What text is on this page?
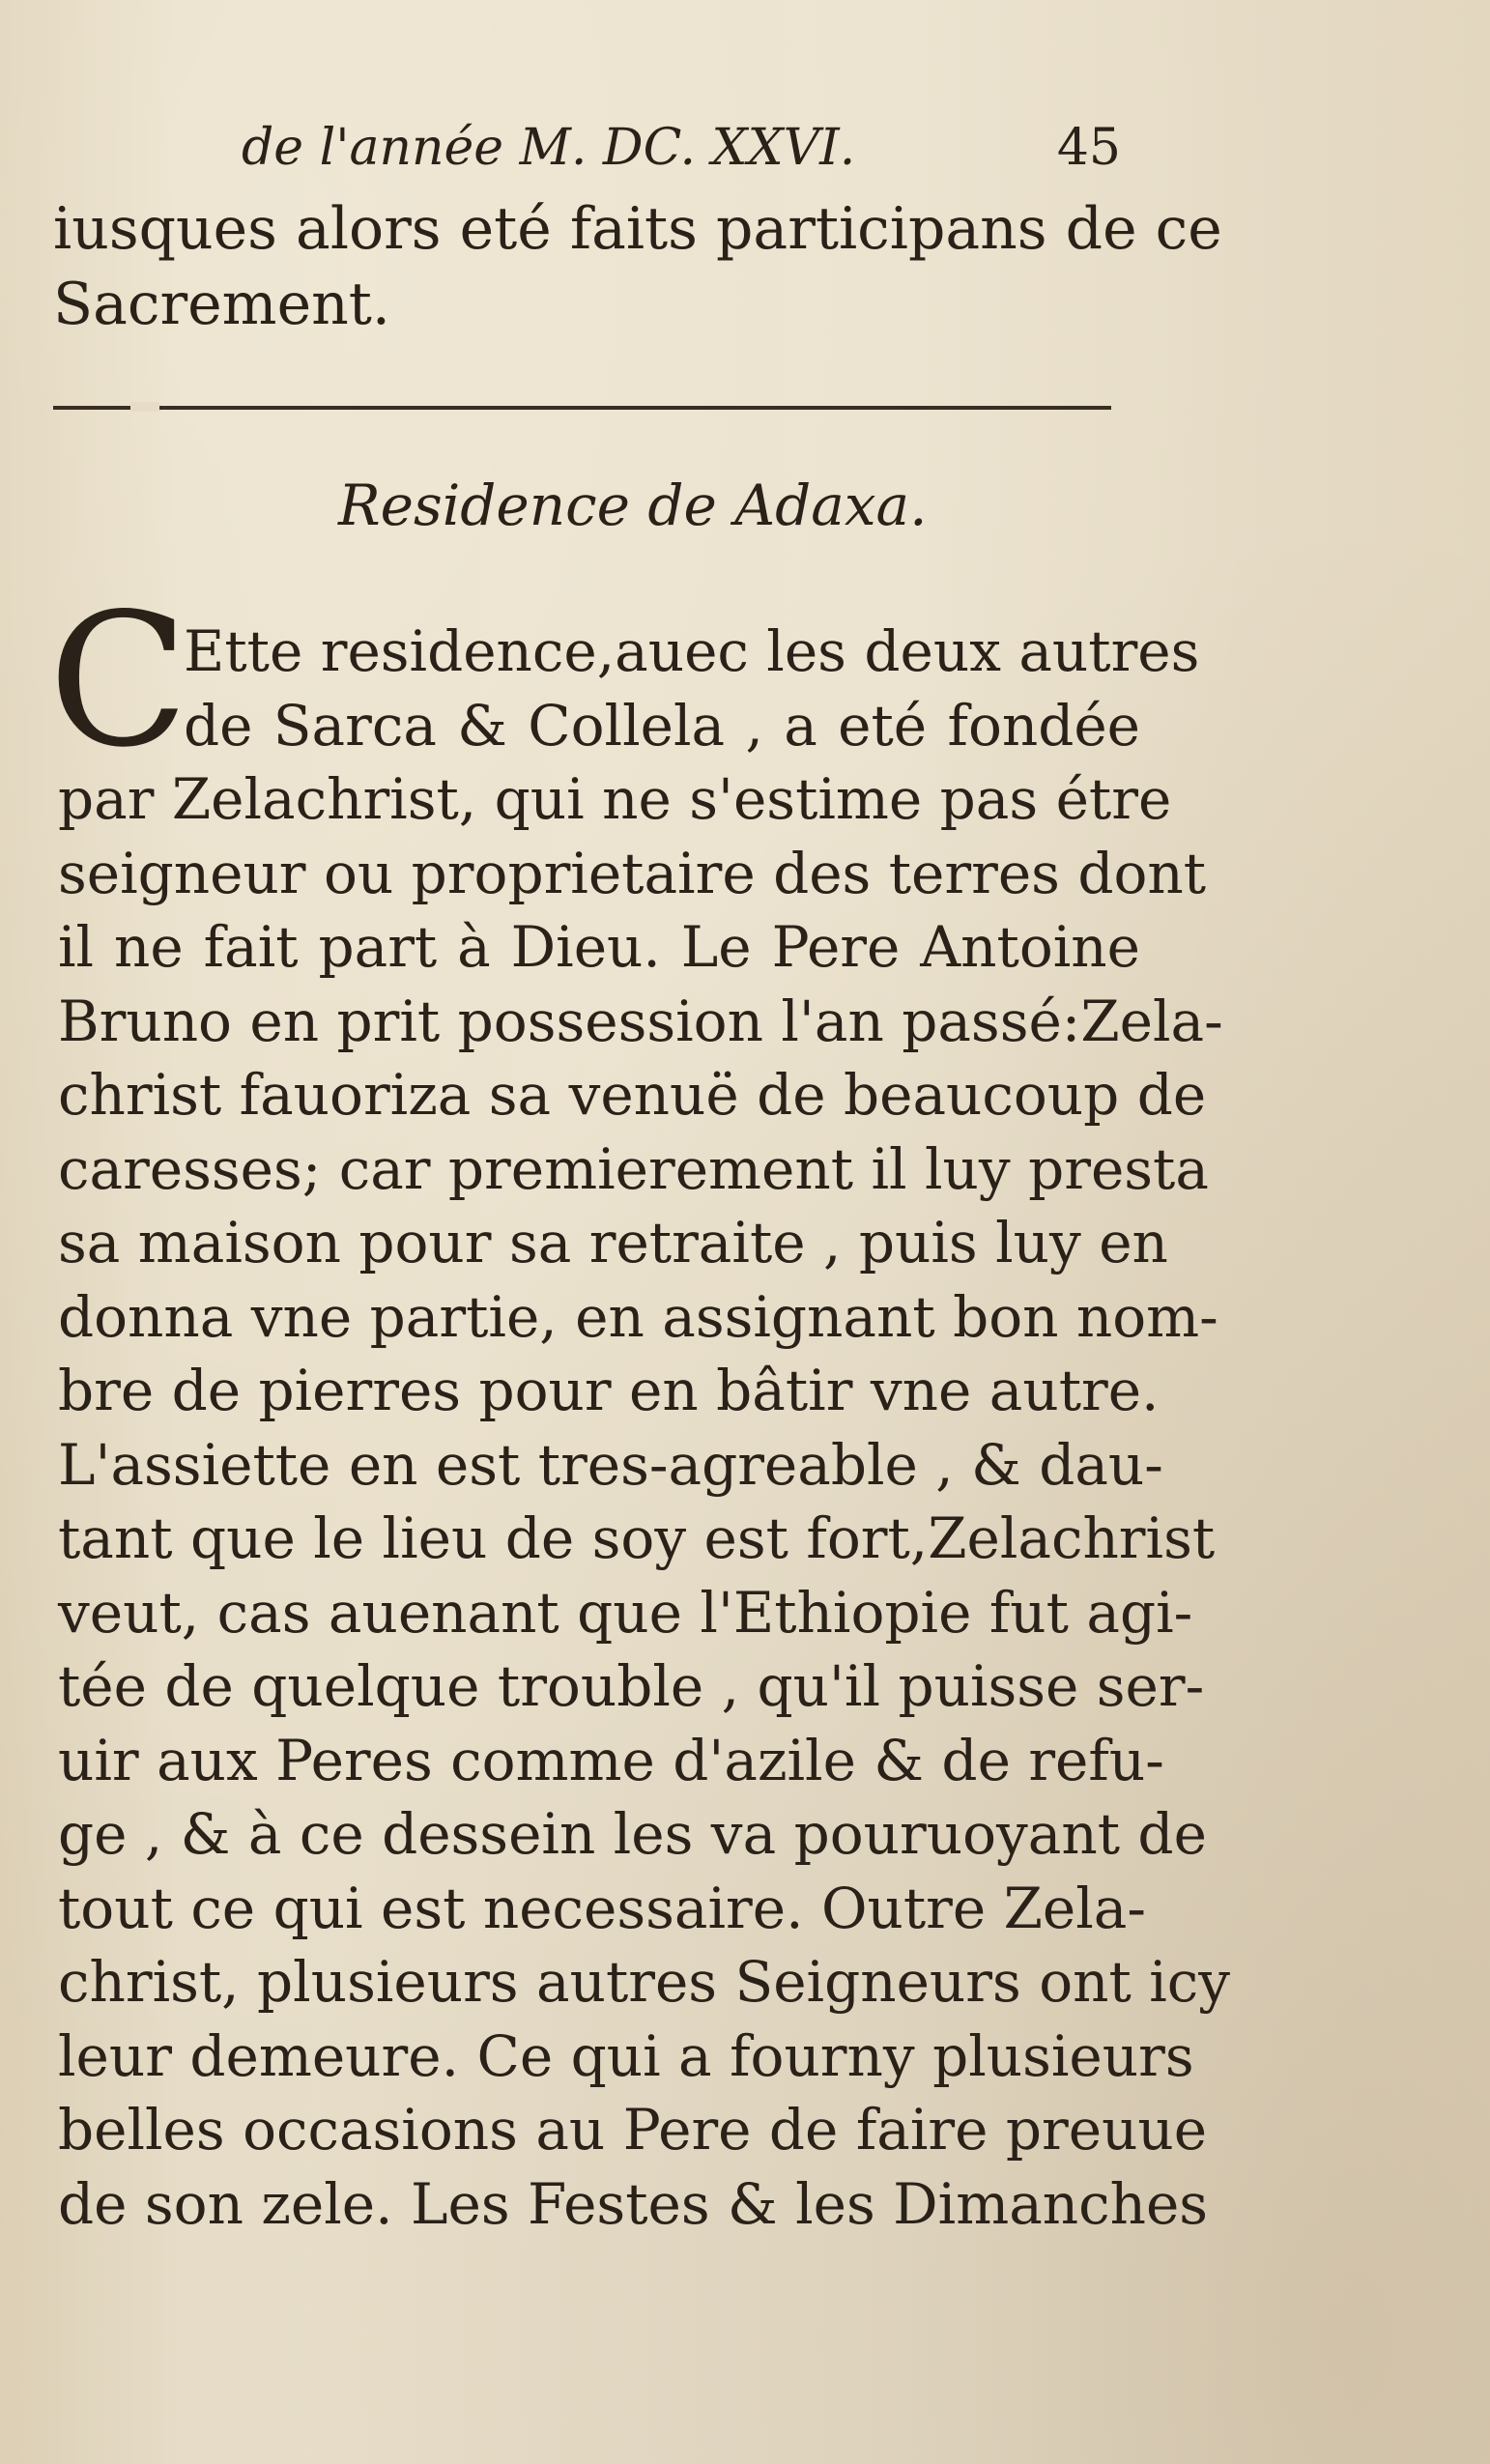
de l'année M. DC. XXVI.	45
iusques alors eté faits participans de ce
Sacrement.
Residence de Adaxa.
C
Ette residence,auec les deux autres
de Sarca & Collela , a eté fondée
par Zelachrist, qui ne s'estime pas étre
seigneur ou proprietaire des terres dont
il ne fait part à Dieu. Le Pere Antoine
Bruno en prit possession l'an passé:Zela-
christ fauoriza sa venuë de beaucoup de
caresses; car premierement il luy presta
sa maison pour sa retraite , puis luy en
donna vne partie, en assignant bon nom-
bre de pierres pour en bâtir vne autre.
L'assiette en est tres-agreable , & dau-
tant que le lieu de soy est fort,Zelachrist
veut, cas auenant que l'Ethiopie fut agi-
tée de quelque trouble , qu'il puisse ser-
uir aux Peres comme d'azile & de refu-
ge , & à ce dessein les va pouruoyant de
tout ce qui est necessaire. Outre Zela-
christ, plusieurs autres Seigneurs ont icy
leur demeure. Ce qui a fourny plusieurs
belles occasions au Pere de faire preuue
de son zele. Les Festes & les Dimanches
